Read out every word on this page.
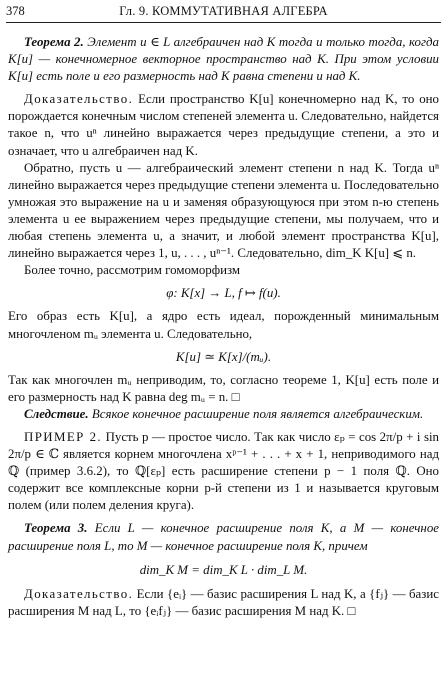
378	Гл. 9. КОММУТАТИВНАЯ АЛГЕБРА

Теорема 2. Элемент u ∈ L алгебраичен над K тогда и только тогда, когда K[u] — конечномерное векторное пространство над K. При этом условии K[u] есть поле и его размерность над K равна степени u над K.

Доказательство. Если пространство K[u] конечномерно над K, то оно порождается конечным числом степеней элемента u. Следовательно, найдется такое n, что uⁿ линейно выражается через предыдущие степени, а это и означает, что u алгебраичен над K.

Обратно, пусть u — алгебраический элемент степени n над K. Тогда uⁿ линейно выражается через предыдущие степени элемента u. Последовательно умножая это выражение на u и заменяя образующуюся при этом n-ю степень элемента u ее выражением через предыдущие степени, мы получаем, что и любая степень элемента u, а значит, и любой элемент пространства K[u], линейно выражается через 1, u, . . . , uⁿ⁻¹. Следовательно, dim_K K[u] ⩽ n.

Более точно, рассмотрим гомоморфизм

φ: K[x] → L, f ↦ f(u).

Его образ есть K[u], а ядро есть идеал, порожденный минимальным многочленом mᵤ элемента u. Следовательно,

K[u] ≃ K[x]/(mᵤ).

Так как многочлен mᵤ неприводим, то, согласно теореме 1, K[u] есть поле и его размерность над K равна deg mᵤ = n. □

Следствие. Всякое конечное расширение поля является алгебраическим.

ПРИМЕР 2. Пусть p — простое число. Так как число εₚ = cos 2π/p + i sin 2π/p ∈ ℂ является корнем многочлена xᵖ⁻¹ + . . . + x + 1, неприводимого над ℚ (пример 3.6.2), то ℚ[εₚ] есть расширение степени p − 1 поля ℚ. Оно содержит все комплексные корни p-й степени из 1 и называется круговым полем (или полем деления круга).

Теорема 3. Если L — конечное расширение поля K, а M — конечное расширение поля L, то M — конечное расширение поля K, причем

dim_K M = dim_K L · dim_L M.

Доказательство. Если {eᵢ} — базис расширения L над K, а {fⱼ} — базис расширения M над L, то {eᵢfⱼ} — базис расширения M над K. □
